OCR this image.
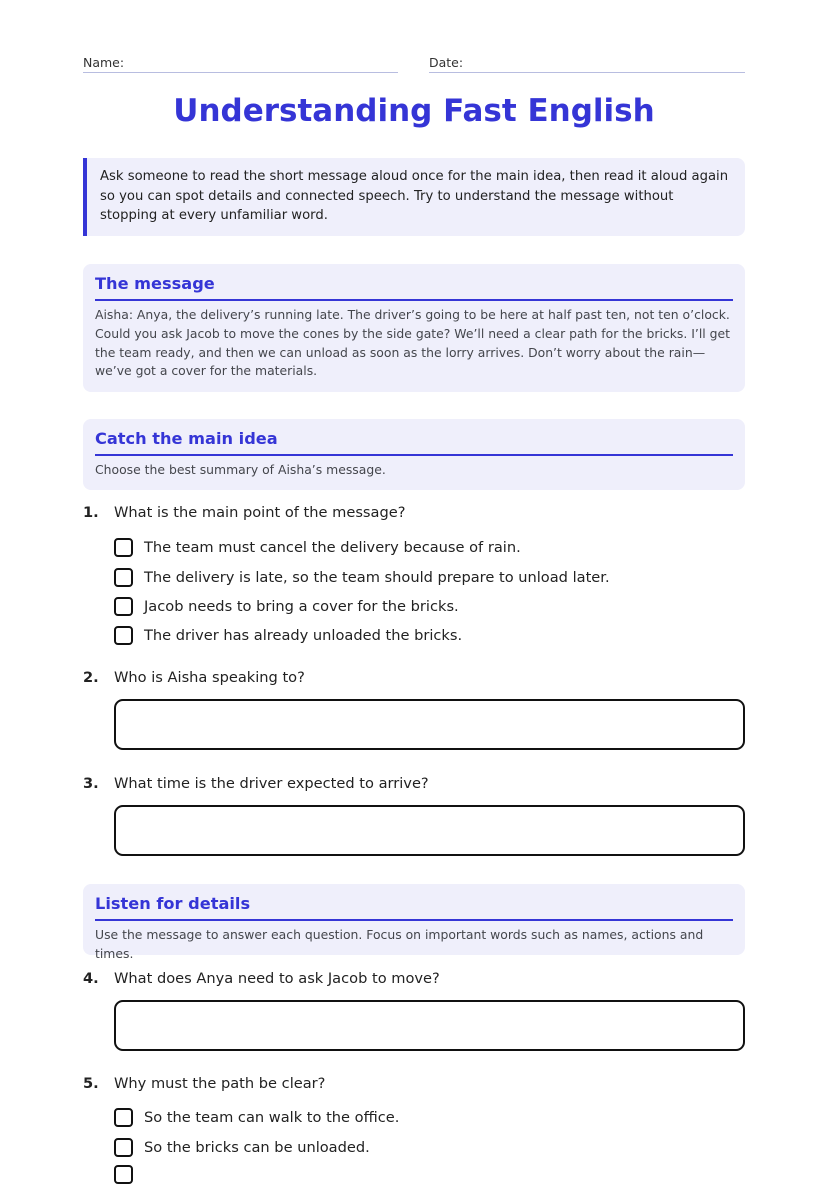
Name:	Date:
Understanding Fast English
Ask someone to read the short message aloud once for the main idea, then read it aloud again so you can spot details and connected speech. Try to understand the message without stopping at every unfamiliar word.
The message
Aisha: Anya, the delivery’s running late. The driver’s going to be here at half past ten, not ten o’clock. Could you ask Jacob to move the cones by the side gate? We’ll need a clear path for the bricks. I’ll get the team ready, and then we can unload as soon as the lorry arrives. Don’t worry about the rain—we’ve got a cover for the materials.
Catch the main idea
Choose the best summary of Aisha’s message.
1. What is the main point of the message?
The team must cancel the delivery because of rain.
The delivery is late, so the team should prepare to unload later.
Jacob needs to bring a cover for the bricks.
The driver has already unloaded the bricks.
2. Who is Aisha speaking to?
3. What time is the driver expected to arrive?
Listen for details
Use the message to answer each question. Focus on important words such as names, actions and times.
4. What does Anya need to ask Jacob to move?
5. Why must the path be clear?
So the team can walk to the office.
So the bricks can be unloaded.
